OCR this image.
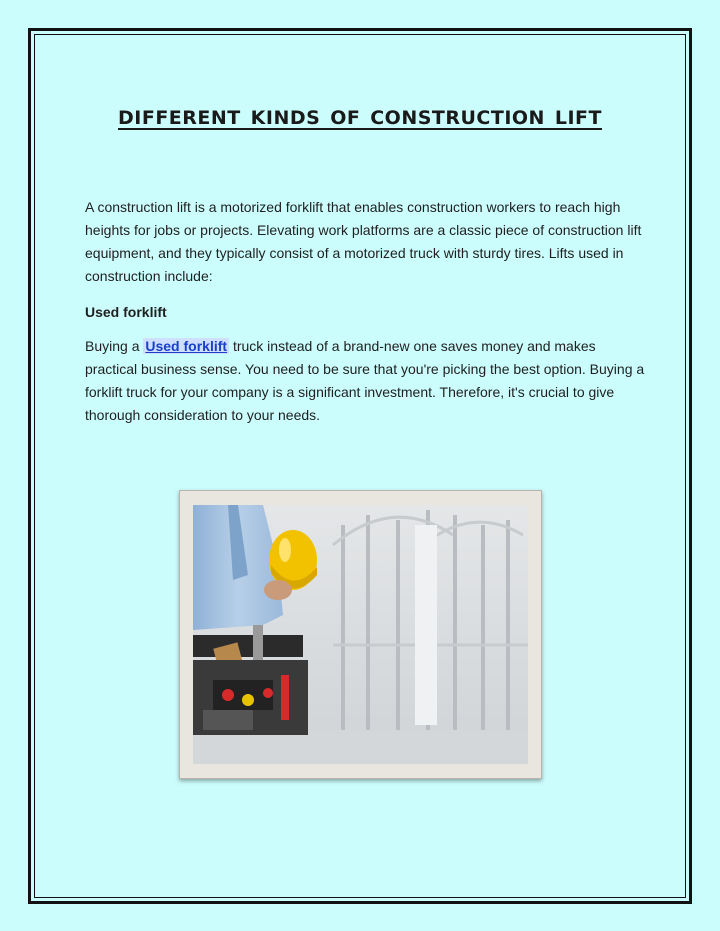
different kinds of construction lift
A construction lift is a motorized forklift that enables construction workers to reach high heights for jobs or projects. Elevating work platforms are a classic piece of construction lift equipment, and they typically consist of a motorized truck with sturdy tires. Lifts used in construction include:
Used forklift
Buying a Used forklift truck instead of a brand-new one saves money and makes practical business sense. You need to be sure that you're picking the best option. Buying a forklift truck for your company is a significant investment. Therefore, it's crucial to give thorough consideration to your needs.
